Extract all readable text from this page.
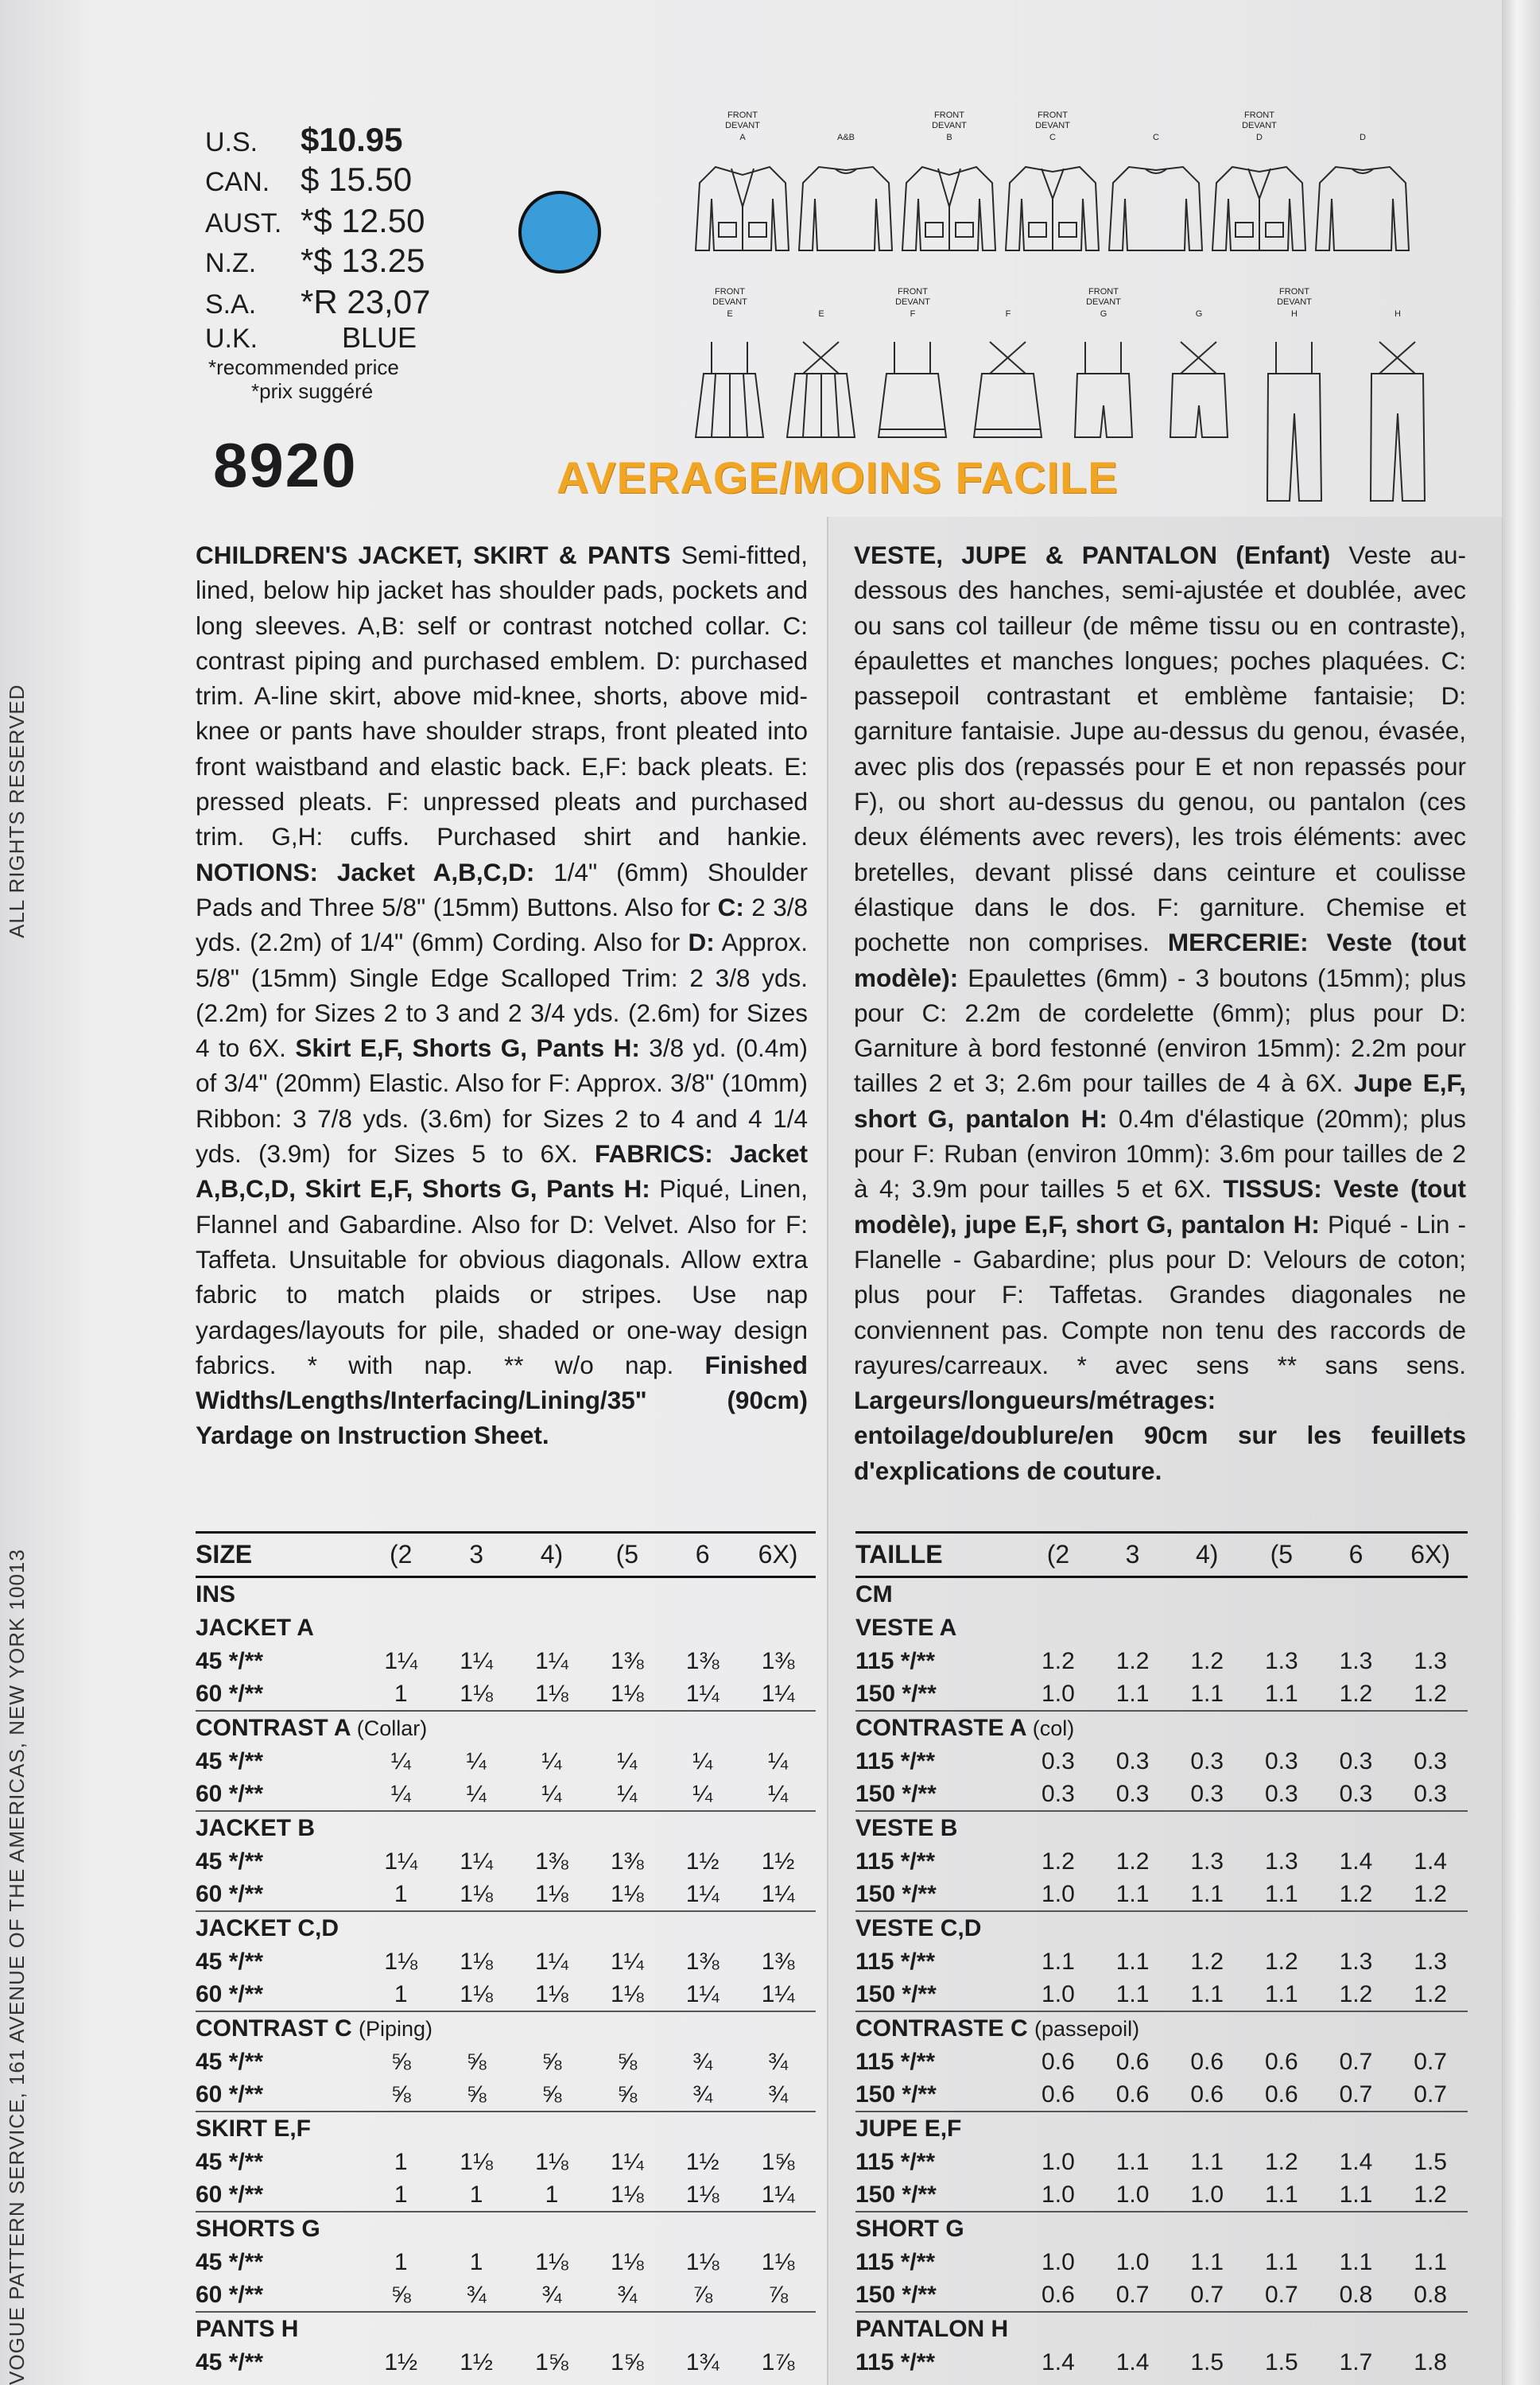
VOGUE PATTERN SERVICE, 161 AVENUE OF THE AMERICAS, NEW YORK 10013
ALL RIGHTS RESERVED
U.S.	$10.95
CAN. $ 15.50
AUST. *$ 12.50
N.Z.	*$ 13.25
S.A.	*R 23,07
U.K.	BLUE
*recommended price
*prix suggéré
8920	AVERAGE/MOINS FACILE
FRONT
DEVANT
A	A&B
FRONT
DEVANT
B
FRONT
DEVANT
C	C
FRONT
DEVANT
D	D
FRONT
DEVANT
E	E
FRONT
DEVANT
F	F
FRONT
DEVANT
G	G
FRONT
DEVANT
H	H
CHILDREN'S JACKET, SKIRT & PANTS Semi-fitted, lined, below hip jacket has shoulder pads, pockets and long sleeves. A,B: self or contrast notched collar. C: contrast piping and purchased emblem. D: purchased trim. A-line skirt, above mid-knee, shorts, above mid-knee or pants have shoulder straps, front pleated into front waistband and elastic back. E,F: back pleats. E: pressed pleats. F: unpressed pleats and purchased trim. G,H: cuffs. Purchased shirt and hankie. NOTIONS: Jacket A,B,C,D: 1/4" (6mm) Shoulder Pads and Three 5/8" (15mm) Buttons. Also for C: 2 3/8 yds. (2.2m) of 1/4" (6mm) Cording. Also for D: Approx. 5/8" (15mm) Single Edge Scalloped Trim: 2 3/8 yds. (2.2m) for Sizes 2 to 3 and 2 3/4 yds. (2.6m) for Sizes 4 to 6X. Skirt E,F, Shorts G, Pants H: 3/8 yd. (0.4m) of 3/4" (20mm) Elastic. Also for F: Approx. 3/8" (10mm) Ribbon: 3 7/8 yds. (3.6m) for Sizes 2 to 4 and 4 1/4 yds. (3.9m) for Sizes 5 to 6X. FABRICS: Jacket A,B,C,D, Skirt E,F, Shorts G, Pants H: Piqué, Linen, Flannel and Gabardine. Also for D: Velvet. Also for F: Taffeta. Unsuitable for obvious diagonals. Allow extra fabric to match plaids or stripes. Use nap yardages/layouts for pile, shaded or one-way design fabrics. * with nap. ** w/o nap. Finished Widths/Lengths/Interfacing/Lining/35" (90cm) Yardage on Instruction Sheet.
VESTE, JUPE & PANTALON (Enfant) Veste au-dessous des hanches, semi-ajustée et doublée, avec ou sans col tailleur (de même tissu ou en contraste), épaulettes et manches longues; poches plaquées. C: passepoil contrastant et emblème fantaisie; D: garniture fantaisie. Jupe au-dessus du genou, évasée, avec plis dos (repassés pour E et non repassés pour F), ou short au-dessus du genou, ou pantalon (ces deux éléments avec revers), les trois éléments: avec bretelles, devant plissé dans ceinture et coulisse élastique dans le dos. F: garniture. Chemise et pochette non comprises. MERCERIE: Veste (tout modèle): Epaulettes (6mm) - 3 boutons (15mm); plus pour C: 2.2m de cordelette (6mm); plus pour D: Garniture à bord festonné (environ 15mm): 2.2m pour tailles 2 et 3; 2.6m pour tailles de 4 à 6X. Jupe E,F, short G, pantalon H: 0.4m d'élastique (20mm); plus pour F: Ruban (environ 10mm): 3.6m pour tailles de 2 à 4; 3.9m pour tailles 5 et 6X. TISSUS: Veste (tout modèle), jupe E,F, short G, pantalon H: Piqué - Lin - Flanelle - Gabardine; plus pour D: Velours de coton; plus pour F: Taffetas. Grandes diagonales ne conviennent pas. Compte non tenu des raccords de rayures/carreaux. * avec sens ** sans sens. Largeurs/longueurs/métrages: entoilage/doublure/en 90cm sur les feuillets d'explications de couture.
SIZE	(2	3	4)	(5	6	6X)
INS						
JACKET A						
45 */**	1¼	1¼	1¼	1⅜	1⅜	1⅜
60 */**	1	1⅛	1⅛	1⅛	1¼	1¼
CONTRAST A (Collar)						
45 */**	¼	¼	¼	¼	¼	¼
60 */**	¼	¼	¼	¼	¼	¼
JACKET B						
45 */**	1¼	1¼	1⅜	1⅜	1½	1½
60 */**	1	1⅛	1⅛	1⅛	1¼	1¼
JACKET C,D						
45 */**	1⅛	1⅛	1¼	1¼	1⅜	1⅜
60 */**	1	1⅛	1⅛	1⅛	1¼	1¼
CONTRAST C (Piping)						
45 */**	⅝	⅝	⅝	⅝	¾	¾
60 */**	⅝	⅝	⅝	⅝	¾	¾
SKIRT E,F						
45 */**	1	1⅛	1⅛	1¼	1½	1⅝
60 */**	1	1	1	1⅛	1⅛	1¼
SHORTS G						
45 */**	1	1	1⅛	1⅛	1⅛	1⅛
60 */**	⅝	¾	¾	¾	⅞	⅞
PANTS H						
45 */**	1½	1½	1⅝	1⅝	1¾	1⅞
TAILLE	(2	3	4)	(5	6	6X)
CM						
VESTE A						
115 */**	1.2	1.2	1.2	1.3	1.3	1.3
150 */**	1.0	1.1	1.1	1.1	1.2	1.2
CONTRASTE A (col)						
115 */**	0.3	0.3	0.3	0.3	0.3	0.3
150 */**	0.3	0.3	0.3	0.3	0.3	0.3
VESTE B						
115 */**	1.2	1.2	1.3	1.3	1.4	1.4
150 */**	1.0	1.1	1.1	1.1	1.2	1.2
VESTE C,D						
115 */**	1.1	1.1	1.2	1.2	1.3	1.3
150 */**	1.0	1.1	1.1	1.1	1.2	1.2
CONTRASTE C (passepoil)						
115 */**	0.6	0.6	0.6	0.6	0.7	0.7
150 */**	0.6	0.6	0.6	0.6	0.7	0.7
JUPE E,F						
115 */**	1.0	1.1	1.1	1.2	1.4	1.5
150 */**	1.0	1.0	1.0	1.1	1.1	1.2
SHORT G						
115 */**	1.0	1.0	1.1	1.1	1.1	1.1
150 */**	0.6	0.7	0.7	0.7	0.8	0.8
PANTALON H						
115 */**	1.4	1.4	1.5	1.5	1.7	1.8
